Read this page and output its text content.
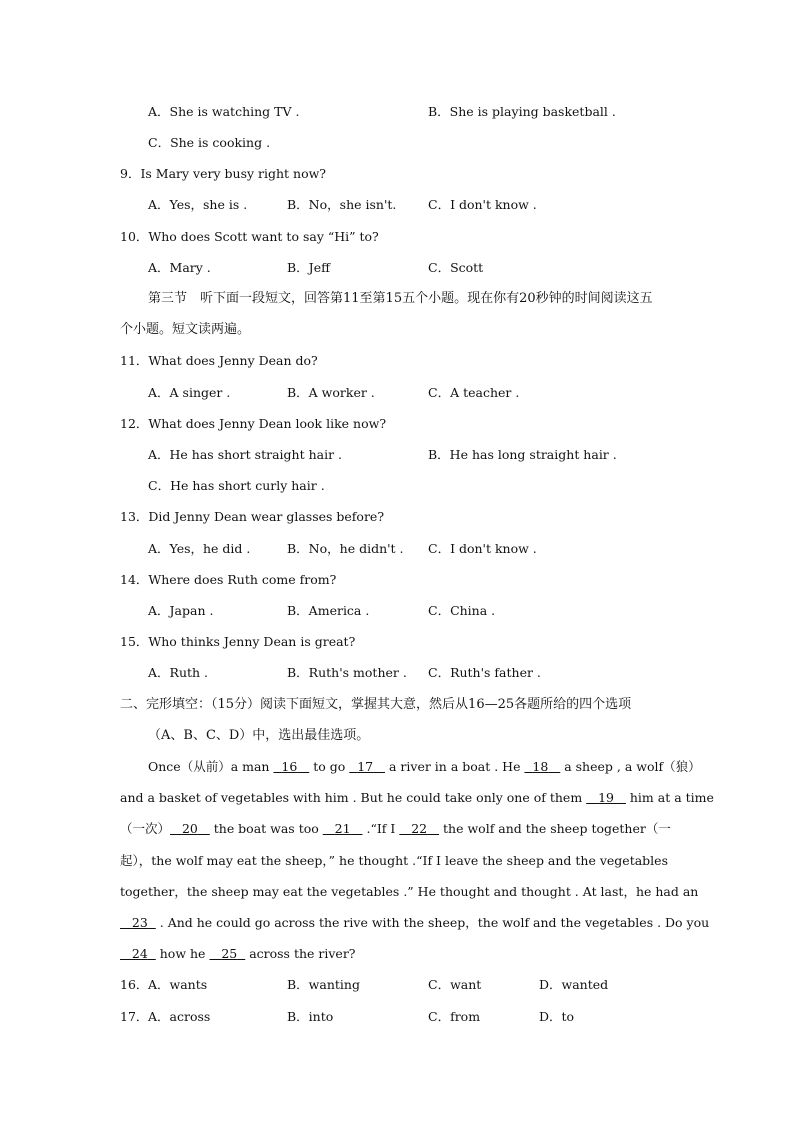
A．She is watching TV .	B．She is playing basketball .
C．She is cooking .
9．Is Mary very busy right now?
A．Yes，she is .	B．No，she isn't.	C．I don't know .
10．Who does Scott want to say “Hi” to?
A．Mary .	B．Jeff	C．Scott
第三节　听下面一段短文，回答第11至第15五个小题。现在你有20秒钟的时间阅读这五
个小题。短文读两遍。
11．What does Jenny Dean do?
A．A singer .	B．A worker .	C．A teacher .
12．What does Jenny Dean look like now?
A．He has short straight hair .	B．He has long straight hair .
C．He has short curly hair .
13．Did Jenny Dean wear glasses before?
A．Yes，he did .	B．No，he didn't . C．I don't know .
14．Where does Ruth come from?
A．Japan .	B．America .	C．China .
15．Who thinks Jenny Dean is great?
A．Ruth .	B．Ruth's mother . C．Ruth's father .
二、完形填空：（15分）阅读下面短文，掌握其大意，然后从16—25各题所给的四个选项
（A、B、C、D）中，选出最佳选项。
Once（从前）a man   16    to go   17    a river in a boat . He   18    a sheep , a wolf（狼）
and a basket of vegetables with him . But he could take only one of them    19    him at a time
（一次） 20    the boat was too    21    .“If I    22    the wolf and the sheep together（一
起），the wolf may eat the sheep，” he thought .“If I leave the sheep and the vegetables
together，the sheep may eat the vegetables .” He thought and thought . At last，he had an
23   . And he could go across the rive with the sheep，the wolf and the vegetables . Do you
24   how he    25   across the river?
16． A．wants	B．wanting	C．want	D．wanted
17． A．across	B．into	C．from	D．to
